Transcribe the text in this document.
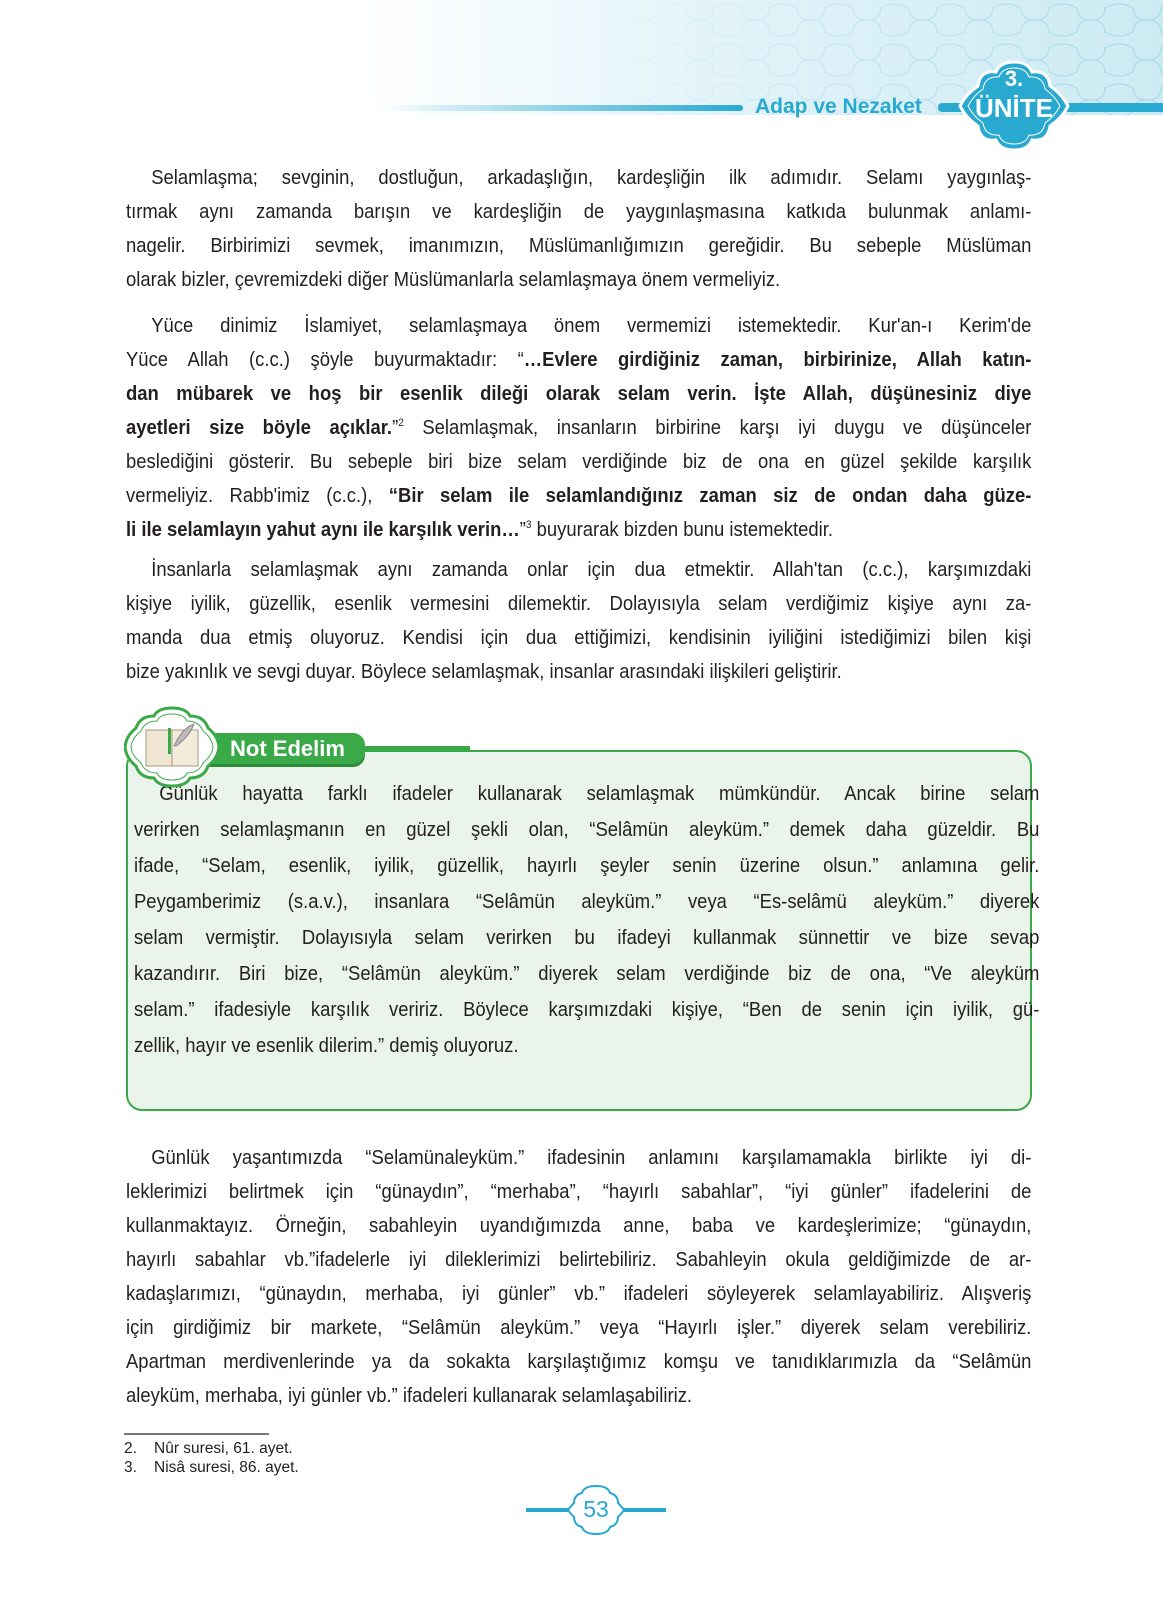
Adap ve Nezaket
3.
ÜNİTE
Selamlaşma; sevginin, dostluğun, arkadaşlığın, kardeşliğin ilk adımıdır. Selamı yaygınlaş-
tırmak aynı zamanda barışın ve kardeşliğin de yaygınlaşmasına katkıda bulunmak anlamı-
nagelir. Birbirimizi sevmek, imanımızın, Müslümanlığımızın gereğidir. Bu sebeple Müslüman
olarak bizler, çevremizdeki diğer Müslümanlarla selamlaşmaya önem vermeliyiz.
Yüce dinimiz İslamiyet, selamlaşmaya önem vermemizi istemektedir. Kur'an-ı Kerim'de
Yüce Allah (c.c.) şöyle buyurmaktadır: “…Evlere girdiğiniz zaman, birbirinize, Allah katın-
dan mübarek ve hoş bir esenlik dileği olarak selam verin. İşte Allah, düşünesiniz diye
ayetleri size böyle açıklar.”$^2$ Selamlaşmak, insanların birbirine karşı iyi duygu ve düşünceler
beslediğini gösterir. Bu sebeple biri bize selam verdiğinde biz de ona en güzel şekilde karşılık
vermeliyiz. Rabb'imiz (c.c.), “Bir selam ile selamlandığınız zaman siz de ondan daha güze-
li ile selamlayın yahut aynı ile karşılık verin…”$^3$ buyurarak bizden bunu istemektedir.
İnsanlarla selamlaşmak aynı zamanda onlar için dua etmektir. Allah'tan (c.c.), karşımızdaki
kişiye iyilik, güzellik, esenlik vermesini dilemektir. Dolayısıyla selam verdiğimiz kişiye aynı za-
manda dua etmiş oluyoruz. Kendisi için dua ettiğimizi, kendisinin iyiliğini istediğimizi bilen kişi
bize yakınlık ve sevgi duyar. Böylece selamlaşmak, insanlar arasındaki ilişkileri geliştirir.
Günlük hayatta farklı ifadeler kullanarak selamlaşmak mümkündür. Ancak birine selam
verirken selamlaşmanın en güzel şekli olan, “Selâmün aleyküm.” demek daha güzeldir. Bu
ifade, “Selam, esenlik, iyilik, güzellik, hayırlı şeyler senin üzerine olsun.” anlamına gelir.
Peygamberimiz (s.a.v.), insanlara “Selâmün aleyküm.” veya “Es-selâmü aleyküm.” diyerek
selam vermiştir. Dolayısıyla selam verirken bu ifadeyi kullanmak sünnettir ve bize sevap
kazandırır. Biri bize, “Selâmün aleyküm.” diyerek selam verdiğinde biz de ona, “Ve aleyküm
selam.” ifadesiyle karşılık veririz. Böylece karşımızdaki kişiye, “Ben de senin için iyilik, gü-
zellik, hayır ve esenlik dilerim.” demiş oluyoruz.
Not Edelim
Günlük yaşantımızda “Selamünaleyküm.” ifadesinin anlamını karşılamamakla birlikte iyi di-
leklerimizi belirtmek için “günaydın”, “merhaba”, “hayırlı sabahlar”, “iyi günler” ifadelerini de
kullanmaktayız. Örneğin, sabahleyin uyandığımızda anne, baba ve kardeşlerimize; “günaydın,
hayırlı sabahlar vb.”ifadelerle iyi dileklerimizi belirtebiliriz. Sabahleyin okula geldiğimizde de ar-
kadaşlarımızı, “günaydın, merhaba, iyi günler” vb.” ifadeleri söyleyerek selamlayabiliriz. Alışveriş
için girdiğimiz bir markete, “Selâmün aleyküm.” veya “Hayırlı işler.” diyerek selam verebiliriz.
Apartman merdivenlerinde ya da sokakta karşılaştığımız komşu ve tanıdıklarımızla da “Selâmün
aleyküm, merhaba, iyi günler vb.” ifadeleri kullanarak selamlaşabiliriz.
2. Nûr suresi, 61. ayet.
3. Nisâ suresi, 86. ayet.
53
